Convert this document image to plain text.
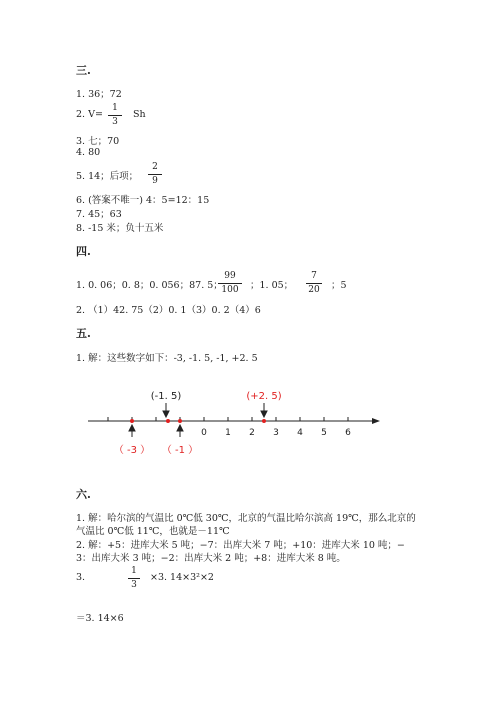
三.
1. 36；72
2. V=
1
3
Sh
3. 七；70
4. 80
5. 14；后项；
2
9
6. (答案不唯一) 4：5=12：15
7. 45；63
8. -15 米；负十五米
四.
1. 0. 06；0. 8；0. 056；87. 5；
99
100	；1. 05；
7
20 ；5
2. （1）42. 75（2）0. 1（3）0. 2（4）6
五.
1. 解：这些数字如下：-3, -1. 5, -1, +2. 5
0 1 2 3 4 5 6
(-1. 5)	(+2. 5)
（ -3 ） （ -1 ）
六.
1. 解：哈尔滨的气温比 0℃低 30℃，北京的气温比哈尔滨高 19℃，那么北京的
气温比 0℃低 11℃，也就是－11℃
2. 解：+5：进库大米 5 吨；−7：出库大米 7 吨；+10：进库大米 10 吨；−
3：出库大米 3 吨；−2：出库大米 2 吨；+8：进库大米 8 吨。
3.
1
3
×3. 14×3²×2
＝3. 14×6
